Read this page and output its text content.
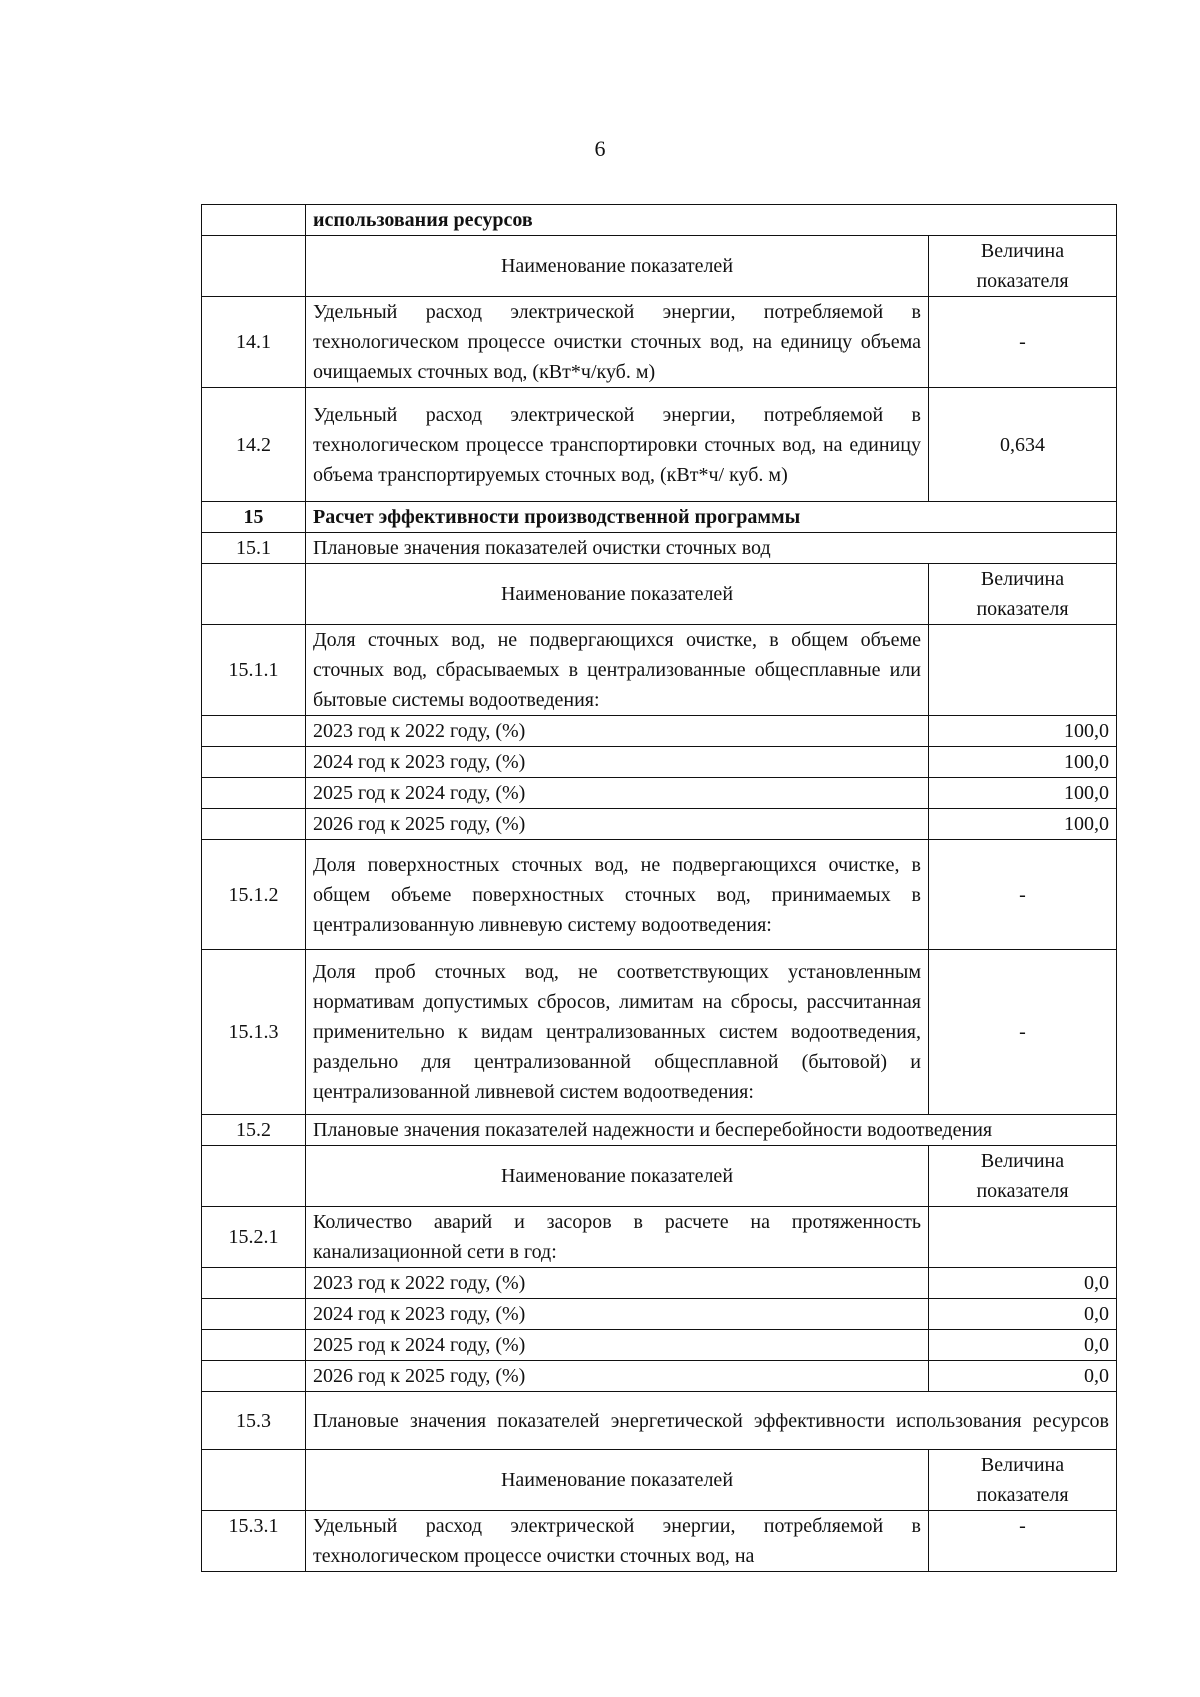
6
	использования ресурсов	
	Наименование показателей	Величина показателя
14.1	Удельный расход электрической энергии, потребляемой в технологическом процессе очистки сточных вод, на единицу объема очищаемых сточных вод, (кВт*ч/куб. м)	-
14.2	Удельный расход электрической энергии, потребляемой в технологическом процессе транспортировки сточных вод, на единицу объема транспортируемых сточных вод, (кВт*ч/ куб. м)	0,634
15	Расчет эффективности производственной программы	
15.1	Плановые значения показателей очистки сточных вод	
	Наименование показателей	Величина показателя
15.1.1	Доля сточных вод, не подвергающихся очистке, в общем объеме сточных вод, сбрасываемых в централизованные общесплавные или бытовые системы водоотведения:	
	2023 год к 2022 году, (%)	100,0
	2024 год к 2023 году, (%)	100,0
	2025 год к 2024 году, (%)	100,0
	2026 год к 2025 году, (%)	100,0
15.1.2	Доля поверхностных сточных вод, не подвергающихся очистке, в общем объеме поверхностных сточных вод, принимаемых в централизованную ливневую систему водоотведения:	-
15.1.3	Доля проб сточных вод, не соответствующих установленным нормативам допустимых сбросов, лимитам на сбросы, рассчитанная применительно к видам централизованных систем водоотведения, раздельно для централизованной общесплавной (бытовой) и централизованной ливневой систем водоотведения:	-
15.2	Плановые значения показателей надежности и бесперебойности водоотведения	
	Наименование показателей	Величина показателя
15.2.1	Количество аварий и засоров в расчете на протяженность канализационной сети в год:	
	2023 год к 2022 году, (%)	0,0
	2024 год к 2023 году, (%)	0,0
	2025 год к 2024 году, (%)	0,0
	2026 год к 2025 году, (%)	0,0
15.3	Плановые значения показателей энергетической эффективности использования ресурсов	
	Наименование показателей	Величина показателя
15.3.1	Удельный расход электрической энергии, потребляемой в технологическом процессе очистки сточных вод, на	-
